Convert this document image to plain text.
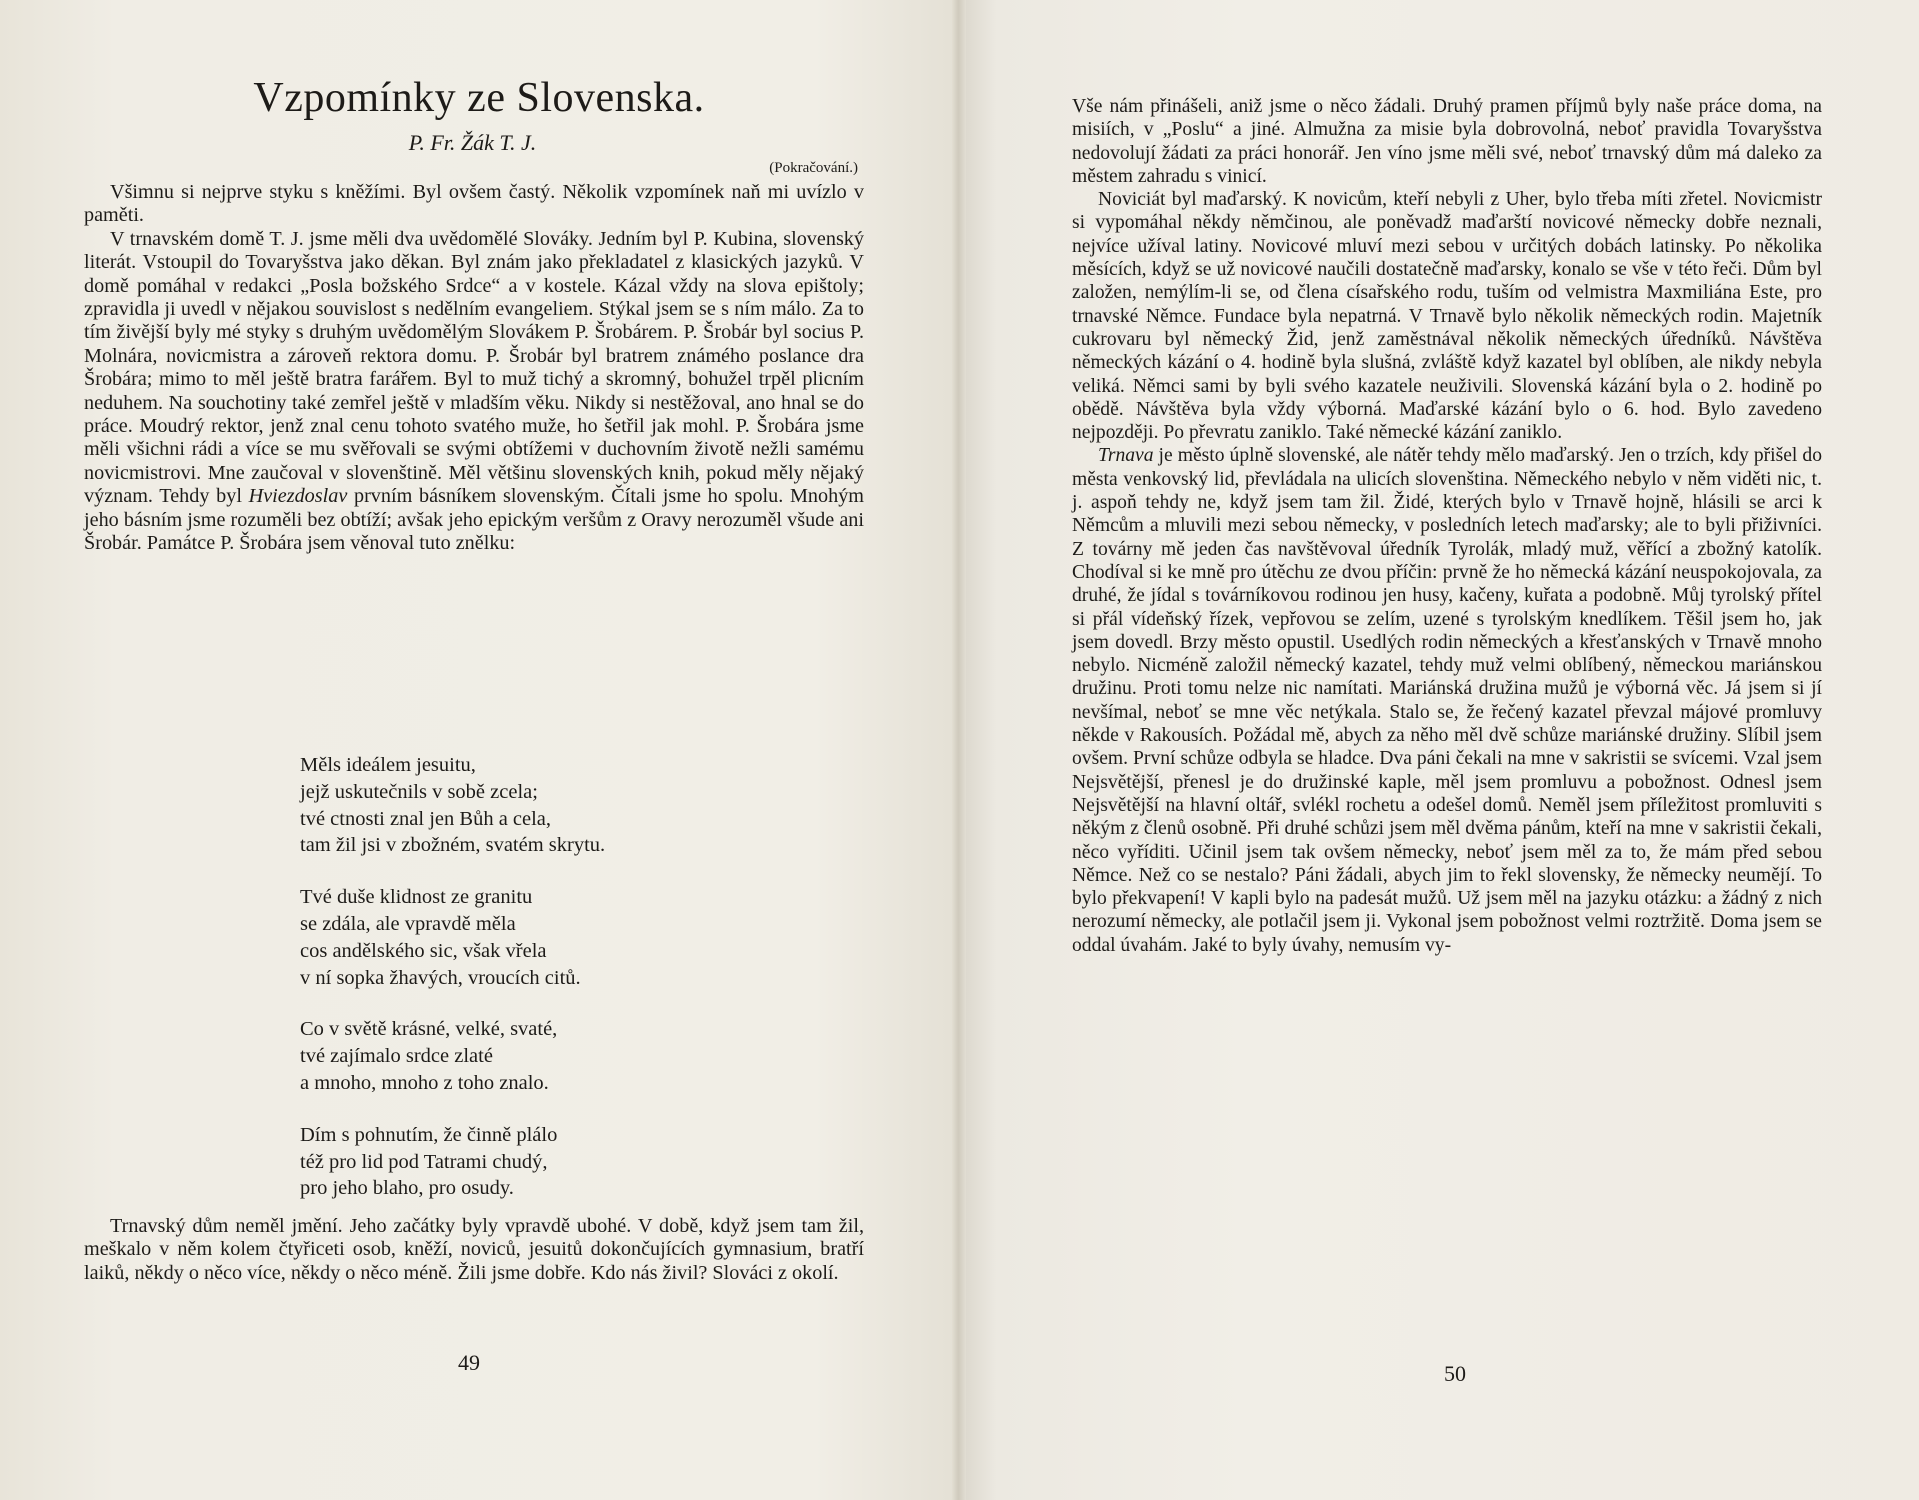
Vzpomínky ze Slovenska.
P. Fr. Žák T. J.
(Pokračování.)

Všimnu si nejprve styku s kněžími. Byl ovšem častý. Několik vzpomínek naň mi uvízlo v paměti.

V trnavském domě T. J. jsme měli dva uvědomělé Slováky. Jedním byl P. Kubina, slovenský literát. Vstoupil do Tovaryšstva jako děkan. Byl znám jako překladatel z klasických jazyků. V domě pomáhal v redakci „Posla božského Srdce“ a v kostele. Kázal vždy na slova epištoly; zpravidla ji uvedl v nějakou souvislost s nedělním evangeliem. Stýkal jsem se s ním málo. Za to tím živější byly mé styky s druhým uvědomělým Slovákem P. Šrobárem. P. Šrobár byl socius P. Molnára, novicmistra a zároveň rektora domu. P. Šrobár byl bratrem známého poslance dra Šrobára; mimo to měl ještě bratra farářem. Byl to muž tichý a skromný, bohužel trpěl plicním neduhem. Na souchotiny také zemřel ještě v mladším věku. Nikdy si nestěžoval, ano hnal se do práce. Moudrý rektor, jenž znal cenu tohoto svatého muže, ho šetřil jak mohl. P. Šrobára jsme měli všichni rádi a více se mu svěřovali se svými obtížemi v duchovním životě nežli samému novicmistrovi. Mne zaučoval v slovenštině. Měl většinu slovenských knih, pokud měly nějaký význam. Tehdy byl Hviezdoslav prvním básníkem slovenským. Čítali jsme ho spolu. Mnohým jeho básním jsme rozuměli bez obtíží; avšak jeho epickým veršům z Oravy nerozuměl všude ani Šrobár. Památce P. Šrobára jsem věnoval tuto znělku:

Měls ideálem jesuitu,
jejž uskutečnils v sobě zcela;
tvé ctnosti znal jen Bůh a cela,
tam žil jsi v zbožném, svatém skrytu.
Tvé duše klidnost ze granitu
se zdála, ale vpravdě měla
cos andělského sic, však vřela
v ní sopka žhavých, vroucích citů.
Co v světě krásné, velké, svaté,
tvé zajímalo srdce zlaté
a mnoho, mnoho z toho znalo.
Dím s pohnutím, že činně plálo
též pro lid pod Tatrami chudý,
pro jeho blaho, pro osudy.

Trnavský dům neměl jmění. Jeho začátky byly vpravdě ubohé. V době, když jsem tam žil, meškalo v něm kolem čtyřiceti osob, kněží, noviců, jesuitů dokončujících gymnasium, bratří laiků, někdy o něco více, někdy o něco méně. Žili jsme dobře. Kdo nás živil? Slováci z okolí.

49

Vše nám přinášeli, aniž jsme o něco žádali. Druhý pramen příjmů byly naše práce doma, na misiích, v „Poslu“ a jiné. Almužna za misie byla dobrovolná, neboť pravidla Tovaryšstva nedovolují žádati za práci honorář. Jen víno jsme měli své, neboť trnavský dům má daleko za městem zahradu s vinicí.

Noviciát byl maďarský. K novicům, kteří nebyli z Uher, bylo třeba míti zřetel. Novicmistr si vypomáhal někdy němčinou, ale poněvadž maďarští novicové německy dobře neznali, nejvíce užíval latiny. Novicové mluví mezi sebou v určitých dobách latinsky. Po několika měsících, když se už novicové naučili dostatečně maďarsky, konalo se vše v této řeči. Dům byl založen, nemýlím-li se, od člena císařského rodu, tuším od velmistra Maxmiliána Este, pro trnavské Němce. Fundace byla nepatrná. V Trnavě bylo několik německých rodin. Majetník cukrovaru byl německý Žid, jenž zaměstnával několik německých úředníků. Návštěva německých kázání o 4. hodině byla slušná, zvláště když kazatel byl oblíben, ale nikdy nebyla veliká. Němci sami by byli svého kazatele neuživili. Slovenská kázání byla o 2. hodině po obědě. Návštěva byla vždy výborná. Maďarské kázání bylo o 6. hod. Bylo zavedeno nejpozději. Po převratu zaniklo. Také německé kázání zaniklo.

Trnava je město úplně slovenské, ale nátěr tehdy mělo maďarský. Jen o trzích, kdy přišel do města venkovský lid, převládala na ulicích slovenština. Německého nebylo v něm viděti nic, t. j. aspoň tehdy ne, když jsem tam žil. Židé, kterých bylo v Trnavě hojně, hlásili se arci k Němcům a mluvili mezi sebou německy, v posledních letech maďarsky; ale to byli přiživníci. Z továrny mě jeden čas navštěvoval úředník Tyrolák, mladý muž, věřící a zbožný katolík. Chodíval si ke mně pro útěchu ze dvou příčin: prvně že ho německá kázání neuspokojovala, za druhé, že jídal s továrníkovou rodinou jen husy, kačeny, kuřata a podobně. Můj tyrolský přítel si přál vídeňský řízek, vepřovou se zelím, uzené s tyrolským knedlíkem. Těšil jsem ho, jak jsem dovedl. Brzy město opustil. Usedlých rodin německých a křesťanských v Trnavě mnoho nebylo. Nicméně založil německý kazatel, tehdy muž velmi oblíbený, německou mariánskou družinu. Proti tomu nelze nic namítati. Mariánská družina mužů je výborná věc. Já jsem si jí nevšímal, neboť se mne věc netýkala. Stalo se, že řečený kazatel převzal májové promluvy někde v Rakousích. Požádal mě, abych za něho měl dvě schůze mariánské družiny. Slíbil jsem ovšem. První schůze odbyla se hladce. Dva páni čekali na mne v sakristii se svícemi. Vzal jsem Nejsvětější, přenesl je do družinské kaple, měl jsem promluvu a pobožnost. Odnesl jsem Nejsvětější na hlavní oltář, svlékl rochetu a odešel domů. Neměl jsem příležitost promluviti s někým z členů osobně. Při druhé schůzi jsem měl dvěma pánům, kteří na mne v sakristii čekali, něco vyříditi. Učinil jsem tak ovšem německy, neboť jsem měl za to, že mám před sebou Němce. Než co se nestalo? Páni žádali, abych jim to řekl slovensky, že německy neumějí. To bylo překvapení! V kapli bylo na padesát mužů. Už jsem měl na jazyku otázku: a žádný z nich nerozumí německy, ale potlačil jsem ji. Vykonal jsem pobožnost velmi roztržitě. Doma jsem se oddal úvahám. Jaké to byly úvahy, nemusím vy-

50
